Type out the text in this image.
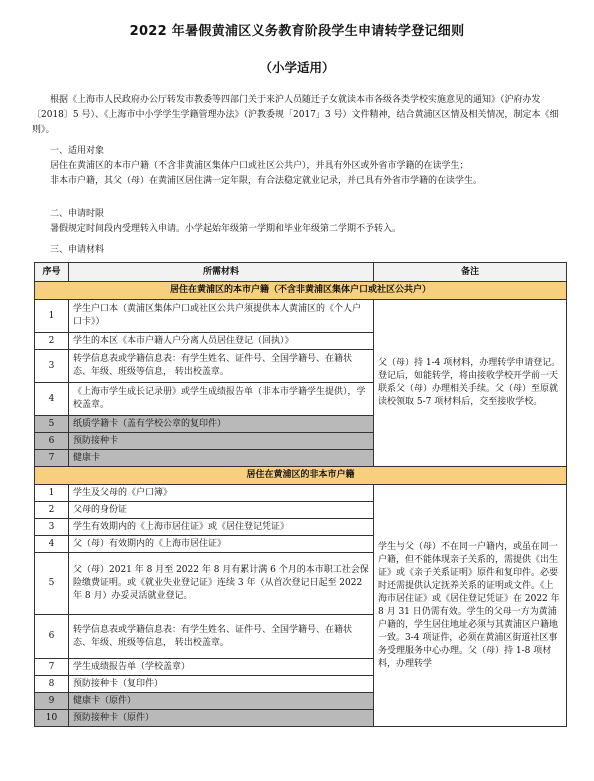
2022 年暑假黄浦区义务教育阶段学生申请转学登记细则
（小学适用）
根据《上海市人民政府办公厅转发市教委等四部门关于来沪人员随迁子女就读本市各级各类学校实施意见的通知》（沪府办发〔2018〕5 号）、《上海市中小学学生学籍管理办法》（沪教委规「2017」3 号）文件精神，结合黄浦区区情及相关情况，制定本《细则》。
一、适用对象
居住在黄浦区的本市户籍（不含非黄浦区集体户口或社区公共户），并具有外区或外省市学籍的在读学生；
非本市户籍，其父（母）在黄浦区居住满一定年限，有合法稳定就业记录，并已具有外省市学籍的在读学生。
二、申请时限
暑假规定时间段内受理转入申请。小学起始年级第一学期和毕业年级第二学期不予转入。
三、申请材料
序号	所需材料	备注
居住在黄浦区的本市户籍（不含非黄浦区集体户口或社区公共户）		
1	学生户口本（黄浦区集体户口或社区公共户须提供本人黄浦区的《个人户口卡》）	父（母）持 1-4 项材料，办理转学申请登记。登记后，如能转学，将由接收学校开学前一天联系父（母）办理相关手续。父（母）至原就读校领取 5-7 项材料后，交至接收学校。
2	学生的本区《本市户籍人户分离人员居住登记（回执）》	
3	转学信息表或学籍信息表：有学生姓名、证件号、全国学籍号、在籍状态、年级、班级等信息， 转出校盖章。	
4	《上海市学生成长记录册》或学生成绩报告单（非本市学籍学生提供），学校盖章。	
5	纸质学籍卡（盖有学校公章的复印件）	
6	预防接种卡	
7	健康卡	
居住在黄浦区的非本市户籍		
1	学生及父母的《户口簿》	学生与父（母）不在同一户籍内，或虽在同一户籍，但不能体现亲子关系的，需提供《出生证》或《亲子关系证明》原件和复印件。必要时还需提供认定抚养关系的证明或文件。《上海市居住证》或《居住登记凭证》在 2022 年 8 月 31 日仍需有效。学生的父母一方为黄浦户籍的，学生居住地址必须与其黄浦区户籍地一致。3-4 项证件，必须在黄浦区街道社区事务受理服务中心办理。父（母）持 1-8 项材料，办理转学
2	父母的身份证	
3	学生有效期内的《上海市居住证》或《居住登记凭证》	
4	父（母）有效期内的《上海市居住证》	
5	父（母）2021 年 8 月至 2022 年 8 月有累计满 6 个月的本市职工社会保险缴费证明。或《就业失业登记证》连续 3 年（从首次登记日起至 2022 年 8 月）办妥灵活就业登记。	
6	转学信息表或学籍信息表：有学生姓名、证件号、全国学籍号、在籍状态、年级、班级等信息， 转出校盖章。	
7	学生成绩报告单（学校盖章）	
8	预防接种卡（复印件）	
9	健康卡（原件）	
10	预防接种卡（原件）	
